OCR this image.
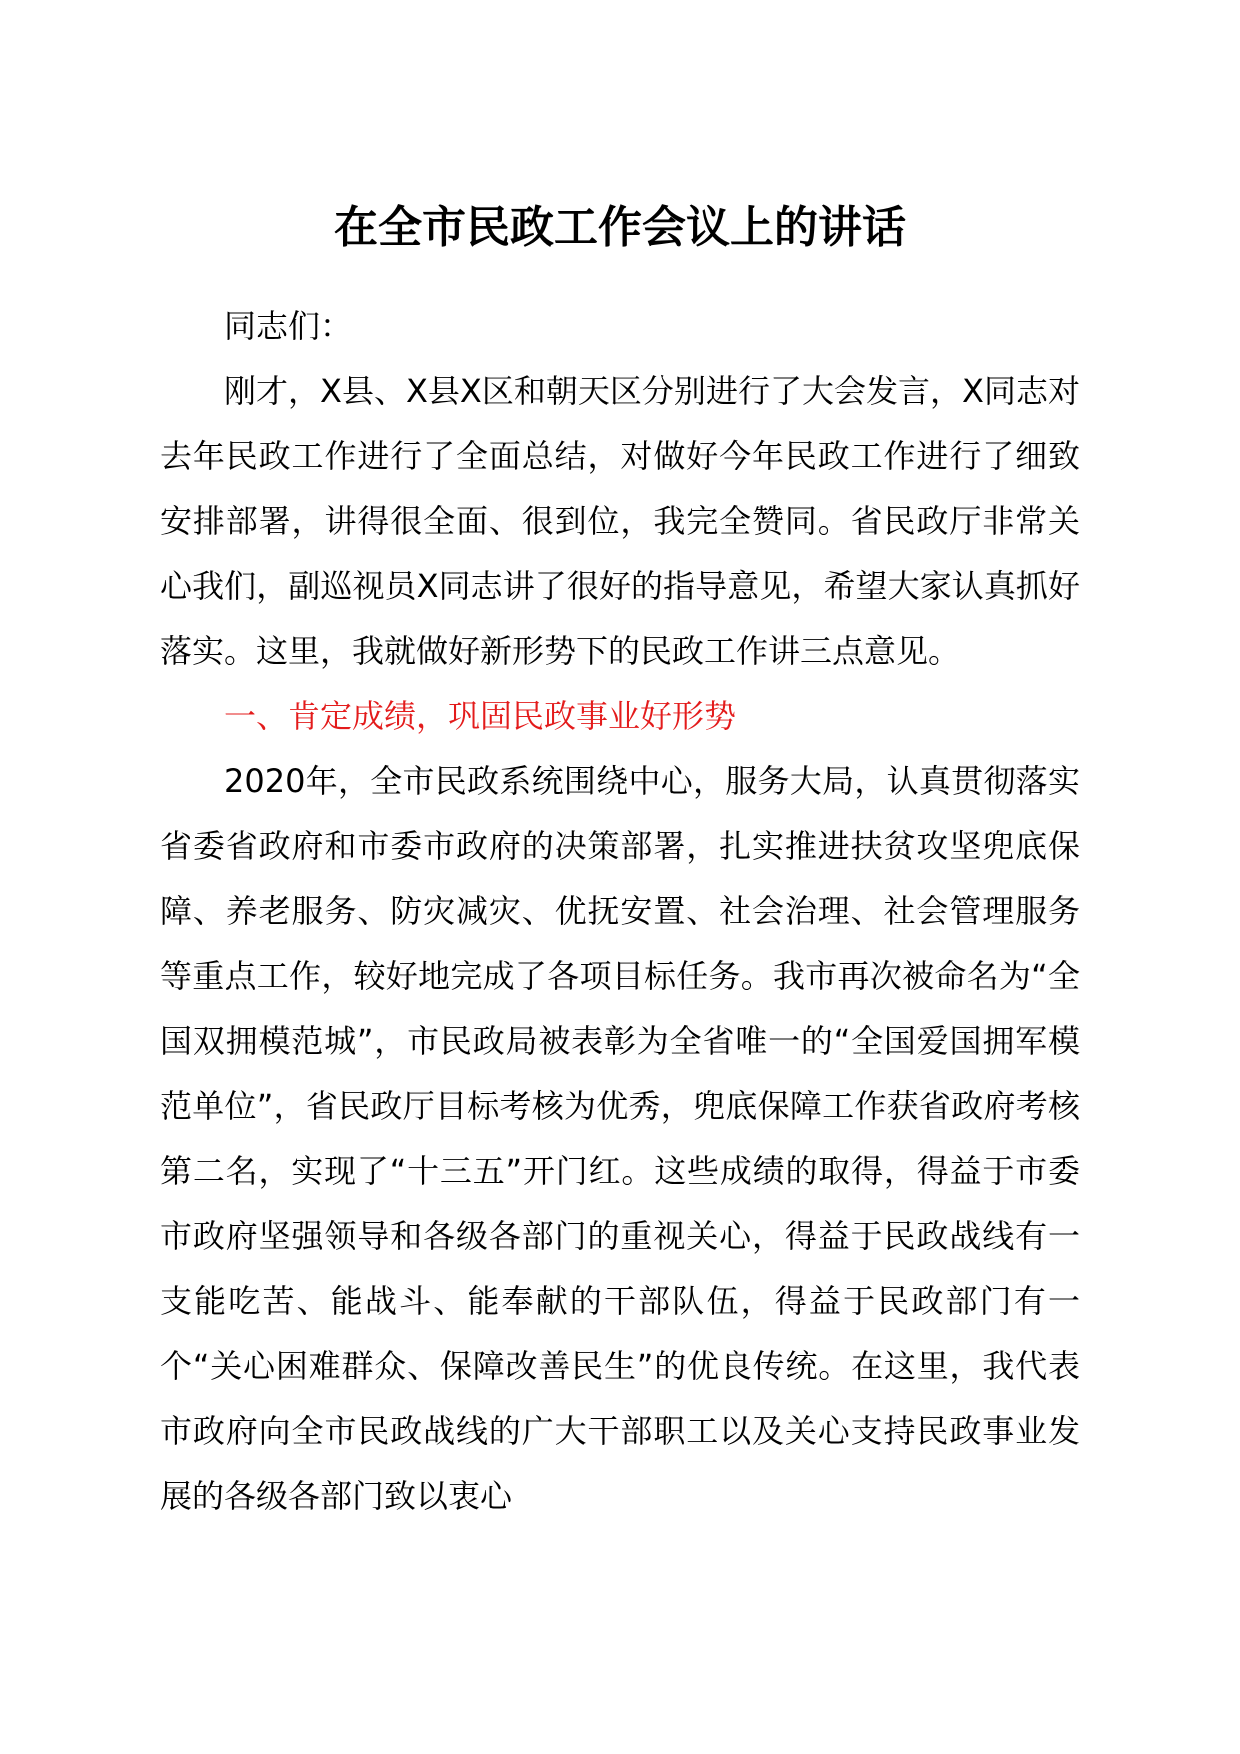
在全市民政工作会议上的讲话

同志们：

刚才，X县、X县X区和朝天区分别进行了大会发言，X同志对去年民政工作进行了全面总结，对做好今年民政工作进行了细致安排部署，讲得很全面、很到位，我完全赞同。省民政厅非常关心我们，副巡视员X同志讲了很好的指导意见，希望大家认真抓好落实。这里，我就做好新形势下的民政工作讲三点意见。

一、肯定成绩，巩固民政事业好形势

2020年，全市民政系统围绕中心，服务大局，认真贯彻落实省委省政府和市委市政府的决策部署，扎实推进扶贫攻坚兜底保障、养老服务、防灾减灾、优抚安置、社会治理、社会管理服务等重点工作，较好地完成了各项目标任务。我市再次被命名为“全国双拥模范城”，市民政局被表彰为全省唯一的“全国爱国拥军模范单位”，省民政厅目标考核为优秀，兜底保障工作获省政府考核第二名，实现了“十三五”开门红。这些成绩的取得，得益于市委市政府坚强领导和各级各部门的重视关心，得益于民政战线有一支能吃苦、能战斗、能奉献的干部队伍，得益于民政部门有一个“关心困难群众、保障改善民生”的优良传统。在这里，我代表市政府向全市民政战线的广大干部职工以及关心支持民政事业发展的各级各部门致以衷心
